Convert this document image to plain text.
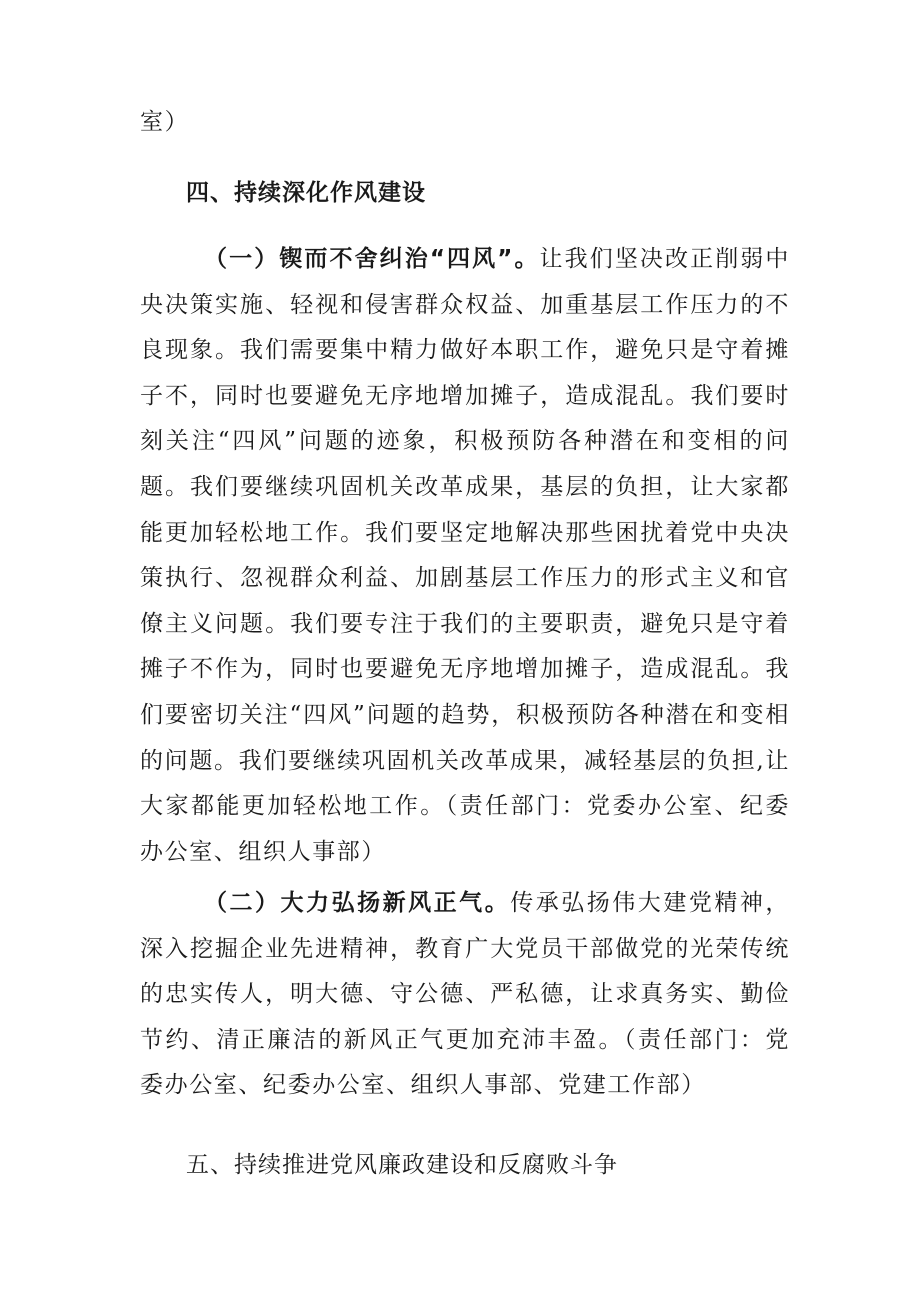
室）

四、持续深化作风建设

（一）锲而不舍纠治“四风”。让我们坚决改正削弱中央决策实施、轻视和侵害群众权益、加重基层工作压力的不良现象。我们需要集中精力做好本职工作，避免只是守着摊子不，同时也要避免无序地增加摊子，造成混乱。我们要时刻关注“四风”问题的迹象，积极预防各种潜在和变相的问题。我们要继续巩固机关改革成果，基层的负担，让大家都能更加轻松地工作。我们要坚定地解决那些困扰着党中央决策执行、忽视群众利益、加剧基层工作压力的形式主义和官僚主义问题。我们要专注于我们的主要职责，避免只是守着摊子不作为，同时也要避免无序地增加摊子，造成混乱。我们要密切关注“四风”问题的趋势，积极预防各种潜在和变相的问题。我们要继续巩固机关改革成果，减轻基层的负担,让大家都能更加轻松地工作。（责任部门：党委办公室、纪委办公室、组织人事部）

（二）大力弘扬新风正气。传承弘扬伟大建党精神，深入挖掘企业先进精神，教育广大党员干部做党的光荣传统的忠实传人，明大德、守公德、严私德，让求真务实、勤俭节约、清正廉洁的新风正气更加充沛丰盈。（责任部门：党委办公室、纪委办公室、组织人事部、党建工作部）

五、持续推进党风廉政建设和反腐败斗争
